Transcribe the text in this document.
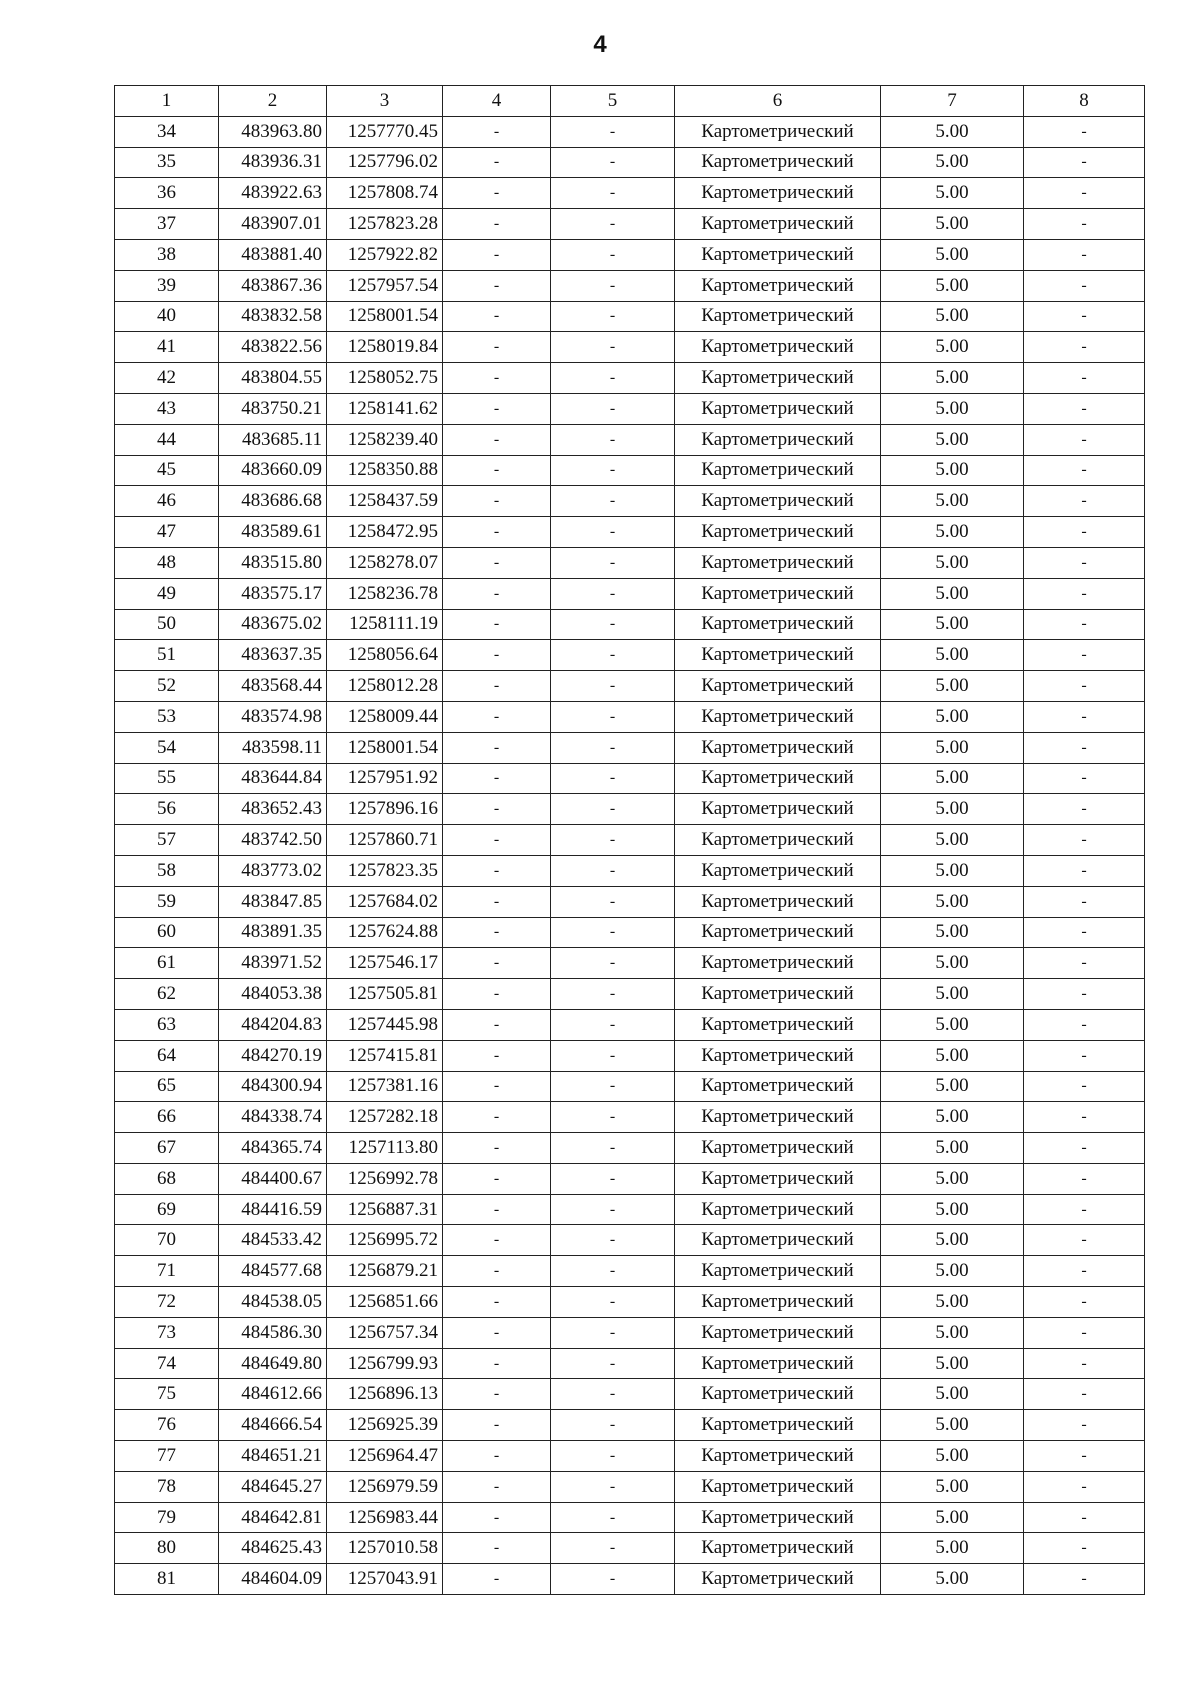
4
1	2	3	4	5	6	7	8
34	483963.80	1257770.45	-	-	Картометрический	5.00	-
35	483936.31	1257796.02	-	-	Картометрический	5.00	-
36	483922.63	1257808.74	-	-	Картометрический	5.00	-
37	483907.01	1257823.28	-	-	Картометрический	5.00	-
38	483881.40	1257922.82	-	-	Картометрический	5.00	-
39	483867.36	1257957.54	-	-	Картометрический	5.00	-
40	483832.58	1258001.54	-	-	Картометрический	5.00	-
41	483822.56	1258019.84	-	-	Картометрический	5.00	-
42	483804.55	1258052.75	-	-	Картометрический	5.00	-
43	483750.21	1258141.62	-	-	Картометрический	5.00	-
44	483685.11	1258239.40	-	-	Картометрический	5.00	-
45	483660.09	1258350.88	-	-	Картометрический	5.00	-
46	483686.68	1258437.59	-	-	Картометрический	5.00	-
47	483589.61	1258472.95	-	-	Картометрический	5.00	-
48	483515.80	1258278.07	-	-	Картометрический	5.00	-
49	483575.17	1258236.78	-	-	Картометрический	5.00	-
50	483675.02	1258111.19	-	-	Картометрический	5.00	-
51	483637.35	1258056.64	-	-	Картометрический	5.00	-
52	483568.44	1258012.28	-	-	Картометрический	5.00	-
53	483574.98	1258009.44	-	-	Картометрический	5.00	-
54	483598.11	1258001.54	-	-	Картометрический	5.00	-
55	483644.84	1257951.92	-	-	Картометрический	5.00	-
56	483652.43	1257896.16	-	-	Картометрический	5.00	-
57	483742.50	1257860.71	-	-	Картометрический	5.00	-
58	483773.02	1257823.35	-	-	Картометрический	5.00	-
59	483847.85	1257684.02	-	-	Картометрический	5.00	-
60	483891.35	1257624.88	-	-	Картометрический	5.00	-
61	483971.52	1257546.17	-	-	Картометрический	5.00	-
62	484053.38	1257505.81	-	-	Картометрический	5.00	-
63	484204.83	1257445.98	-	-	Картометрический	5.00	-
64	484270.19	1257415.81	-	-	Картометрический	5.00	-
65	484300.94	1257381.16	-	-	Картометрический	5.00	-
66	484338.74	1257282.18	-	-	Картометрический	5.00	-
67	484365.74	1257113.80	-	-	Картометрический	5.00	-
68	484400.67	1256992.78	-	-	Картометрический	5.00	-
69	484416.59	1256887.31	-	-	Картометрический	5.00	-
70	484533.42	1256995.72	-	-	Картометрический	5.00	-
71	484577.68	1256879.21	-	-	Картометрический	5.00	-
72	484538.05	1256851.66	-	-	Картометрический	5.00	-
73	484586.30	1256757.34	-	-	Картометрический	5.00	-
74	484649.80	1256799.93	-	-	Картометрический	5.00	-
75	484612.66	1256896.13	-	-	Картометрический	5.00	-
76	484666.54	1256925.39	-	-	Картометрический	5.00	-
77	484651.21	1256964.47	-	-	Картометрический	5.00	-
78	484645.27	1256979.59	-	-	Картометрический	5.00	-
79	484642.81	1256983.44	-	-	Картометрический	5.00	-
80	484625.43	1257010.58	-	-	Картометрический	5.00	-
81	484604.09	1257043.91	-	-	Картометрический	5.00	-
